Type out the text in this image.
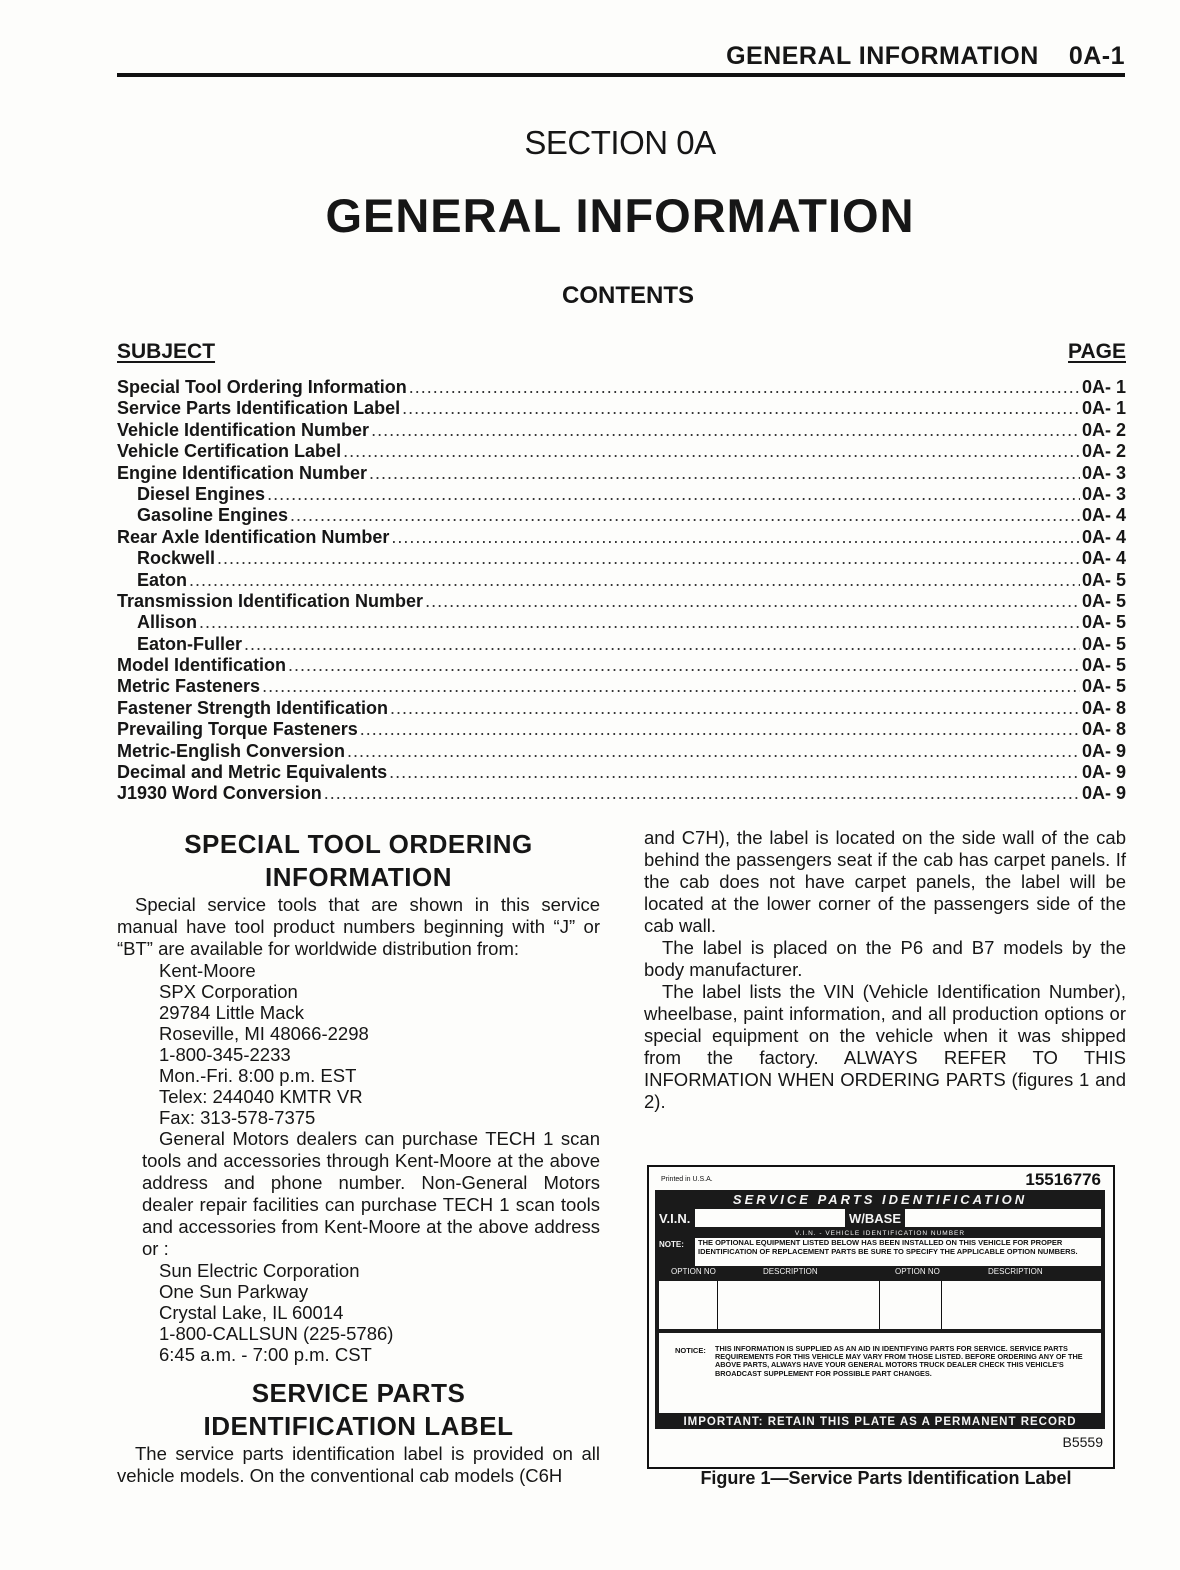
GENERAL INFORMATION 0A-1
SECTION 0A
GENERAL INFORMATION
CONTENTS
SUBJECT	PAGE
Special Tool Ordering Information .....	0A- 1
Service Parts Identification Label .....	0A- 1
Vehicle Identification Number .....	0A- 2
Vehicle Certification Label .....	0A- 2
Engine Identification Number .....	0A- 3
Diesel Engines .....	0A- 3
Gasoline Engines .....	0A- 4
Rear Axle Identification Number .....	0A- 4
Rockwell .....	0A- 4
Eaton .....	0A- 5
Transmission Identification Number .....	0A- 5
Allison .....	0A- 5
Eaton-Fuller .....	0A- 5
Model Identification .....	0A- 5
Metric Fasteners .....	0A- 5
Fastener Strength Identification .....	0A- 8
Prevailing Torque Fasteners .....	0A- 8
Metric-English Conversion .....	0A- 9
Decimal and Metric Equivalents .....	0A- 9
J1930 Word Conversion .....	0A- 9
SPECIAL TOOL ORDERING
INFORMATION

Special service tools that are shown in this service manual have tool product numbers beginning with “J” or “BT” are available for worldwide distribution from:

Kent-Moore
SPX Corporation
29784 Little Mack
Roseville, MI 48066-2298
1-800-345-2233
Mon.-Fri. 8:00 p.m. EST
Telex: 244040 KMTR VR
Fax: 313-578-7375
General Motors dealers can purchase TECH 1 scan tools and accessories through Kent-Moore at the above address and phone number. Non-General Motors dealer repair facilities can purchase TECH 1 scan tools and accessories from Kent-Moore at the above address or :
Sun Electric Corporation
One Sun Parkway
Crystal Lake, IL 60014
1-800-CALLSUN (225-5786)
6:45 a.m. - 7:00 p.m. CST
SERVICE PARTS
IDENTIFICATION LABEL

The service parts identification label is provided on all vehicle models. On the conventional cab models (C6H

and C7H), the label is located on the side wall of the cab behind the passengers seat if the cab has carpet panels. If the cab does not have carpet panels, the label will be located at the lower corner of the passengers side of the cab wall.

The label is placed on the P6 and B7 models by the body manufacturer.

The label lists the VIN (Vehicle Identification Number), wheelbase, paint information, and all production options or special equipment on the vehicle when it was shipped from the factory. ALWAYS REFER TO THIS INFORMATION WHEN ORDERING PARTS (figures 1 and 2).

Printed in U.S.A.	15516776
SERVICE PARTS IDENTIFICATION
V.I.N.	W/BASE
V.I.N. - VEHICLE IDENTIFICATION NUMBER
NOTE:	THE OPTIONAL EQUIPMENT LISTED BELOW HAS BEEN INSTALLED ON THIS VEHICLE FOR PROPER IDENTIFICATION OF REPLACEMENT PARTS BE SURE TO SPECIFY THE APPLICABLE OPTION NUMBERS.
OPTION NO	DESCRIPTION	OPTION NO	DESCRIPTION
NOTICE: THIS INFORMATION IS SUPPLIED AS AN AID IN IDENTIFYING PARTS FOR SERVICE. SERVICE PARTS REQUIREMENTS FOR THIS VEHICLE MAY VARY FROM THOSE LISTED. BEFORE ORDERING ANY OF THE ABOVE PARTS, ALWAYS HAVE YOUR GENERAL MOTORS TRUCK DEALER CHECK THIS VEHICLE'S BROADCAST SUPPLEMENT FOR POSSIBLE PART CHANGES.
IMPORTANT: RETAIN THIS PLATE AS A PERMANENT RECORD
B5559
Figure 1—Service Parts Identification Label
